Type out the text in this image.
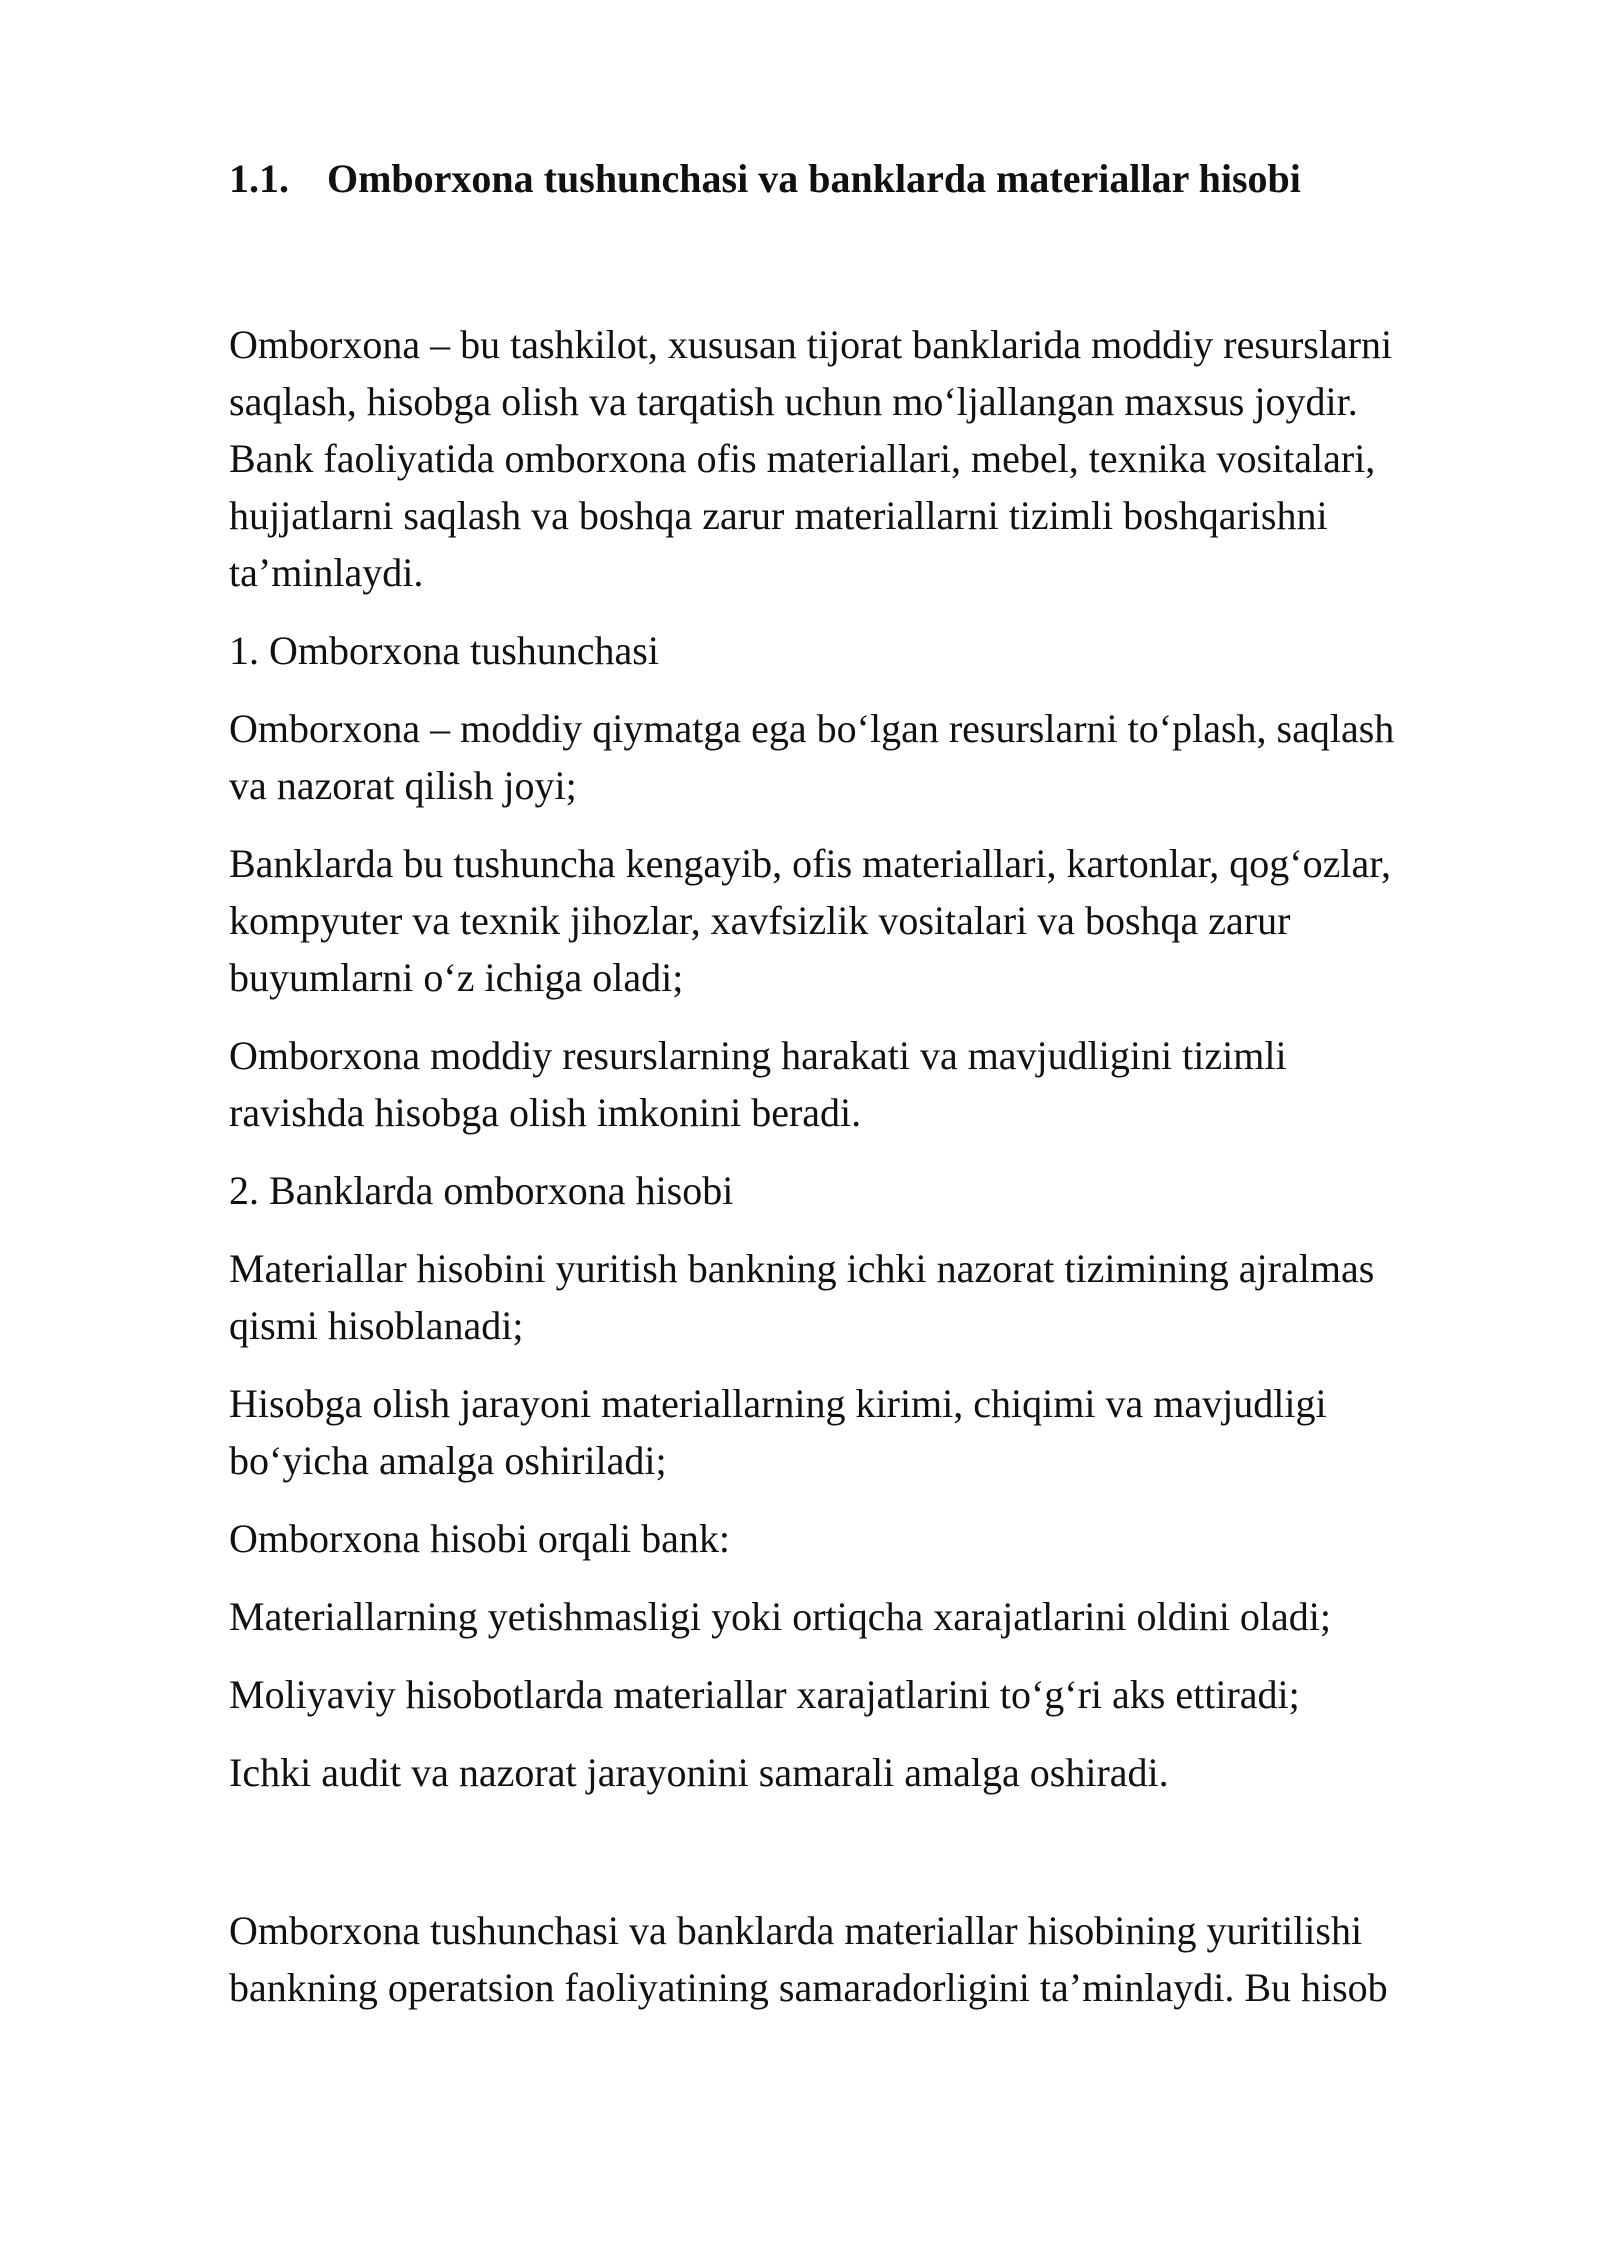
1.1. Omborxona tushunchasi va banklarda materiallar hisobi

Omborxona – bu tashkilot, xususan tijorat banklarida moddiy resurslarni
saqlash, hisobga olish va tarqatish uchun mo‘ljallangan maxsus joydir.
Bank faoliyatida omborxona ofis materiallari, mebel, texnika vositalari,
hujjatlarni saqlash va boshqa zarur materiallarni tizimli boshqarishni
ta’minlaydi.

1. Omborxona tushunchasi

Omborxona – moddiy qiymatga ega bo‘lgan resurslarni to‘plash, saqlash
va nazorat qilish joyi;

Banklarda bu tushuncha kengayib, ofis materiallari, kartonlar, qog‘ozlar,
kompyuter va texnik jihozlar, xavfsizlik vositalari va boshqa zarur
buyumlarni o‘z ichiga oladi;

Omborxona moddiy resurslarning harakati va mavjudligini tizimli
ravishda hisobga olish imkonini beradi.

2. Banklarda omborxona hisobi

Materiallar hisobini yuritish bankning ichki nazorat tizimining ajralmas
qismi hisoblanadi;

Hisobga olish jarayoni materiallarning kirimi, chiqimi va mavjudligi
bo‘yicha amalga oshiriladi;

Omborxona hisobi orqali bank:

Materiallarning yetishmasligi yoki ortiqcha xarajatlarini oldini oladi;

Moliyaviy hisobotlarda materiallar xarajatlarini to‘g‘ri aks ettiradi;

Ichki audit va nazorat jarayonini samarali amalga oshiradi.

Omborxona tushunchasi va banklarda materiallar hisobining yuritilishi
bankning operatsion faoliyatining samaradorligini ta’minlaydi. Bu hisob
